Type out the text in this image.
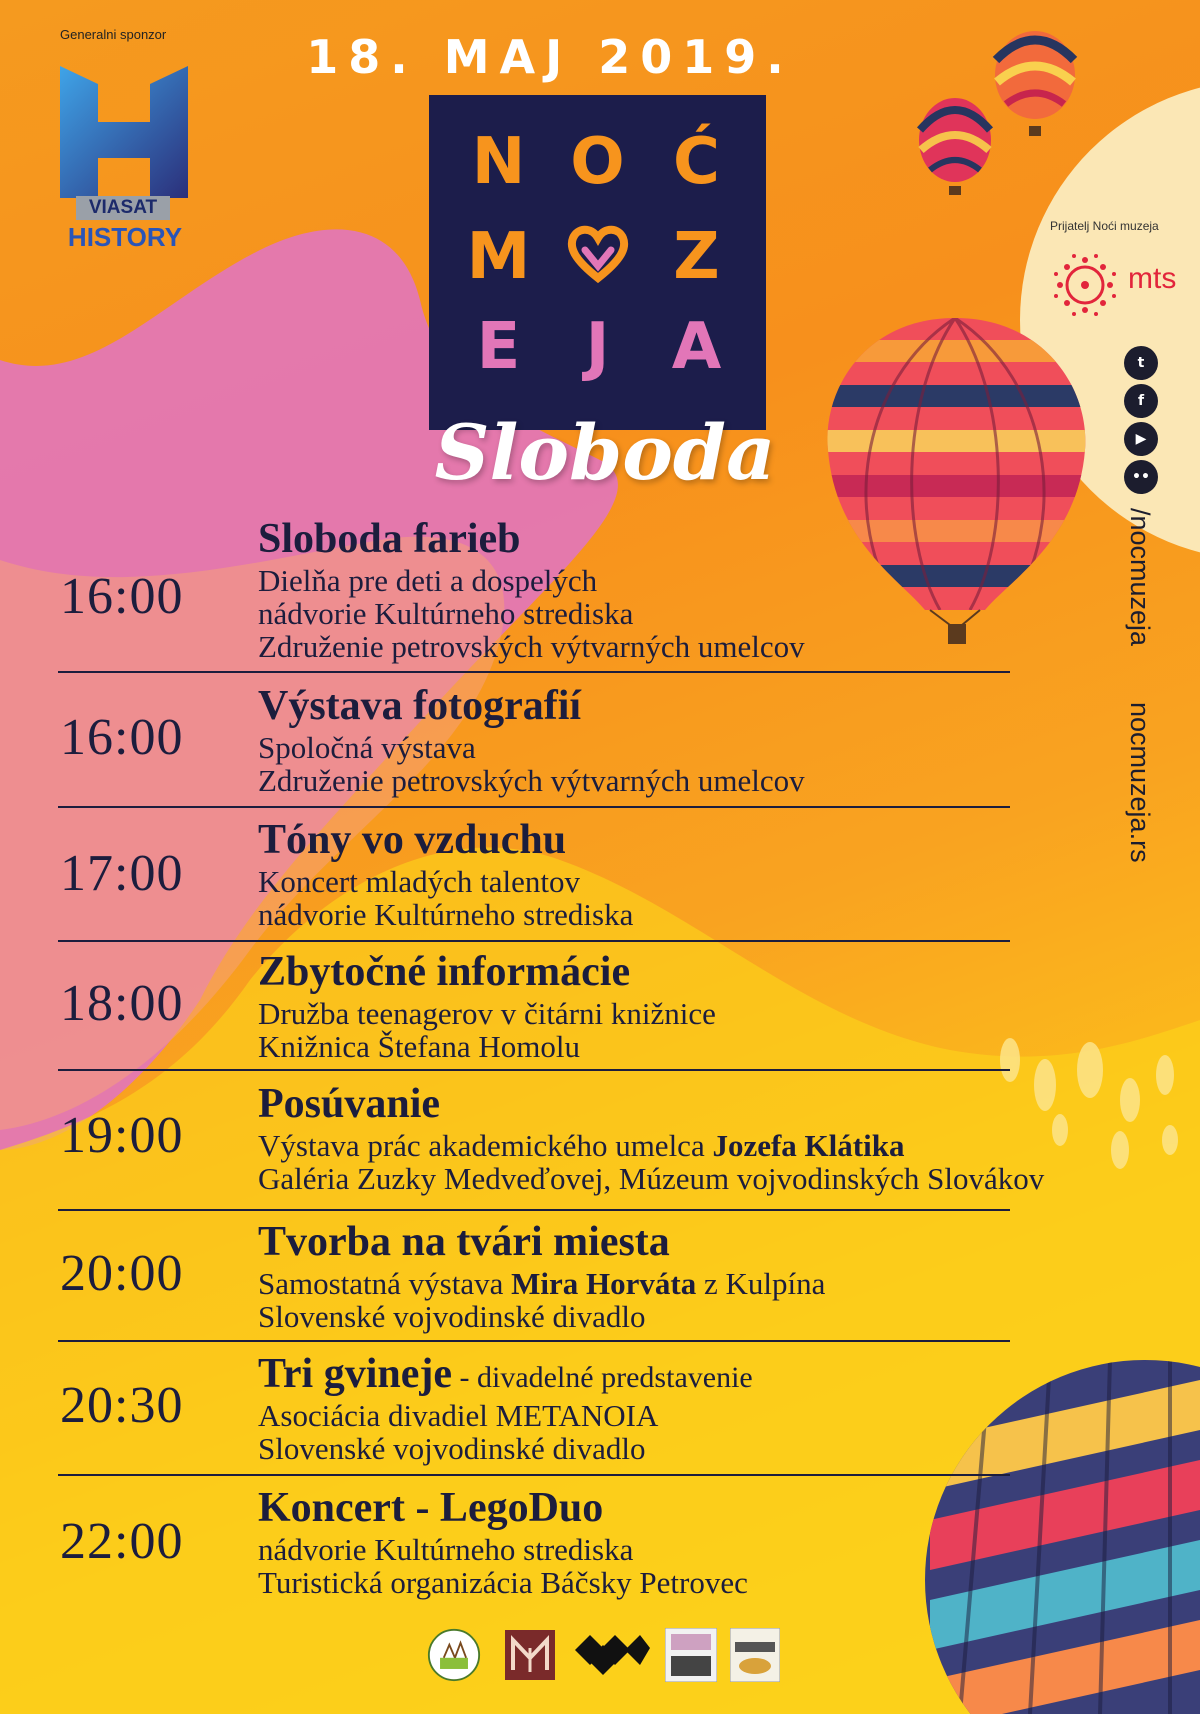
Generalni sponzor
VIASAT
HISTORY
18. MAJ 2019.
N O Ć
M Z
E	J A
Sloboda
Prijatelj Noći muzeja
mts
t
f
▶
••
/nocmuzeja
nocmuzeja.rs
16:00
Sloboda farieb
Dielňa pre deti a dospelých
nádvorie Kultúrneho strediska
Združenie petrovských výtvarných umelcov
16:00
Výstava fotografií
Spoločná výstava
Združenie petrovských výtvarných umelcov
17:00
Tóny vo vzduchu
Koncert mladých talentov
nádvorie Kultúrneho strediska
18:00
Zbytočné informácie
Družba teenagerov v čitárni knižnice
Knižnica Štefana Homolu
19:00
Posúvanie
Výstava prác akademického umelca Jozefa Klátika
Galéria Zuzky Medveďovej, Múzeum vojvodinských Slovákov
20:00
Tvorba na tvári miesta
Samostatná výstava Mira Horváta z Kulpína
Slovenské vojvodinské divadlo
20:30
Tri gvineje - divadelné predstavenie
Asociácia divadiel METANOIA
Slovenské vojvodinské divadlo
22:00
Koncert - LegoDuo
nádvorie Kultúrneho strediska
Turistická organizácia Báčsky Petrovec
